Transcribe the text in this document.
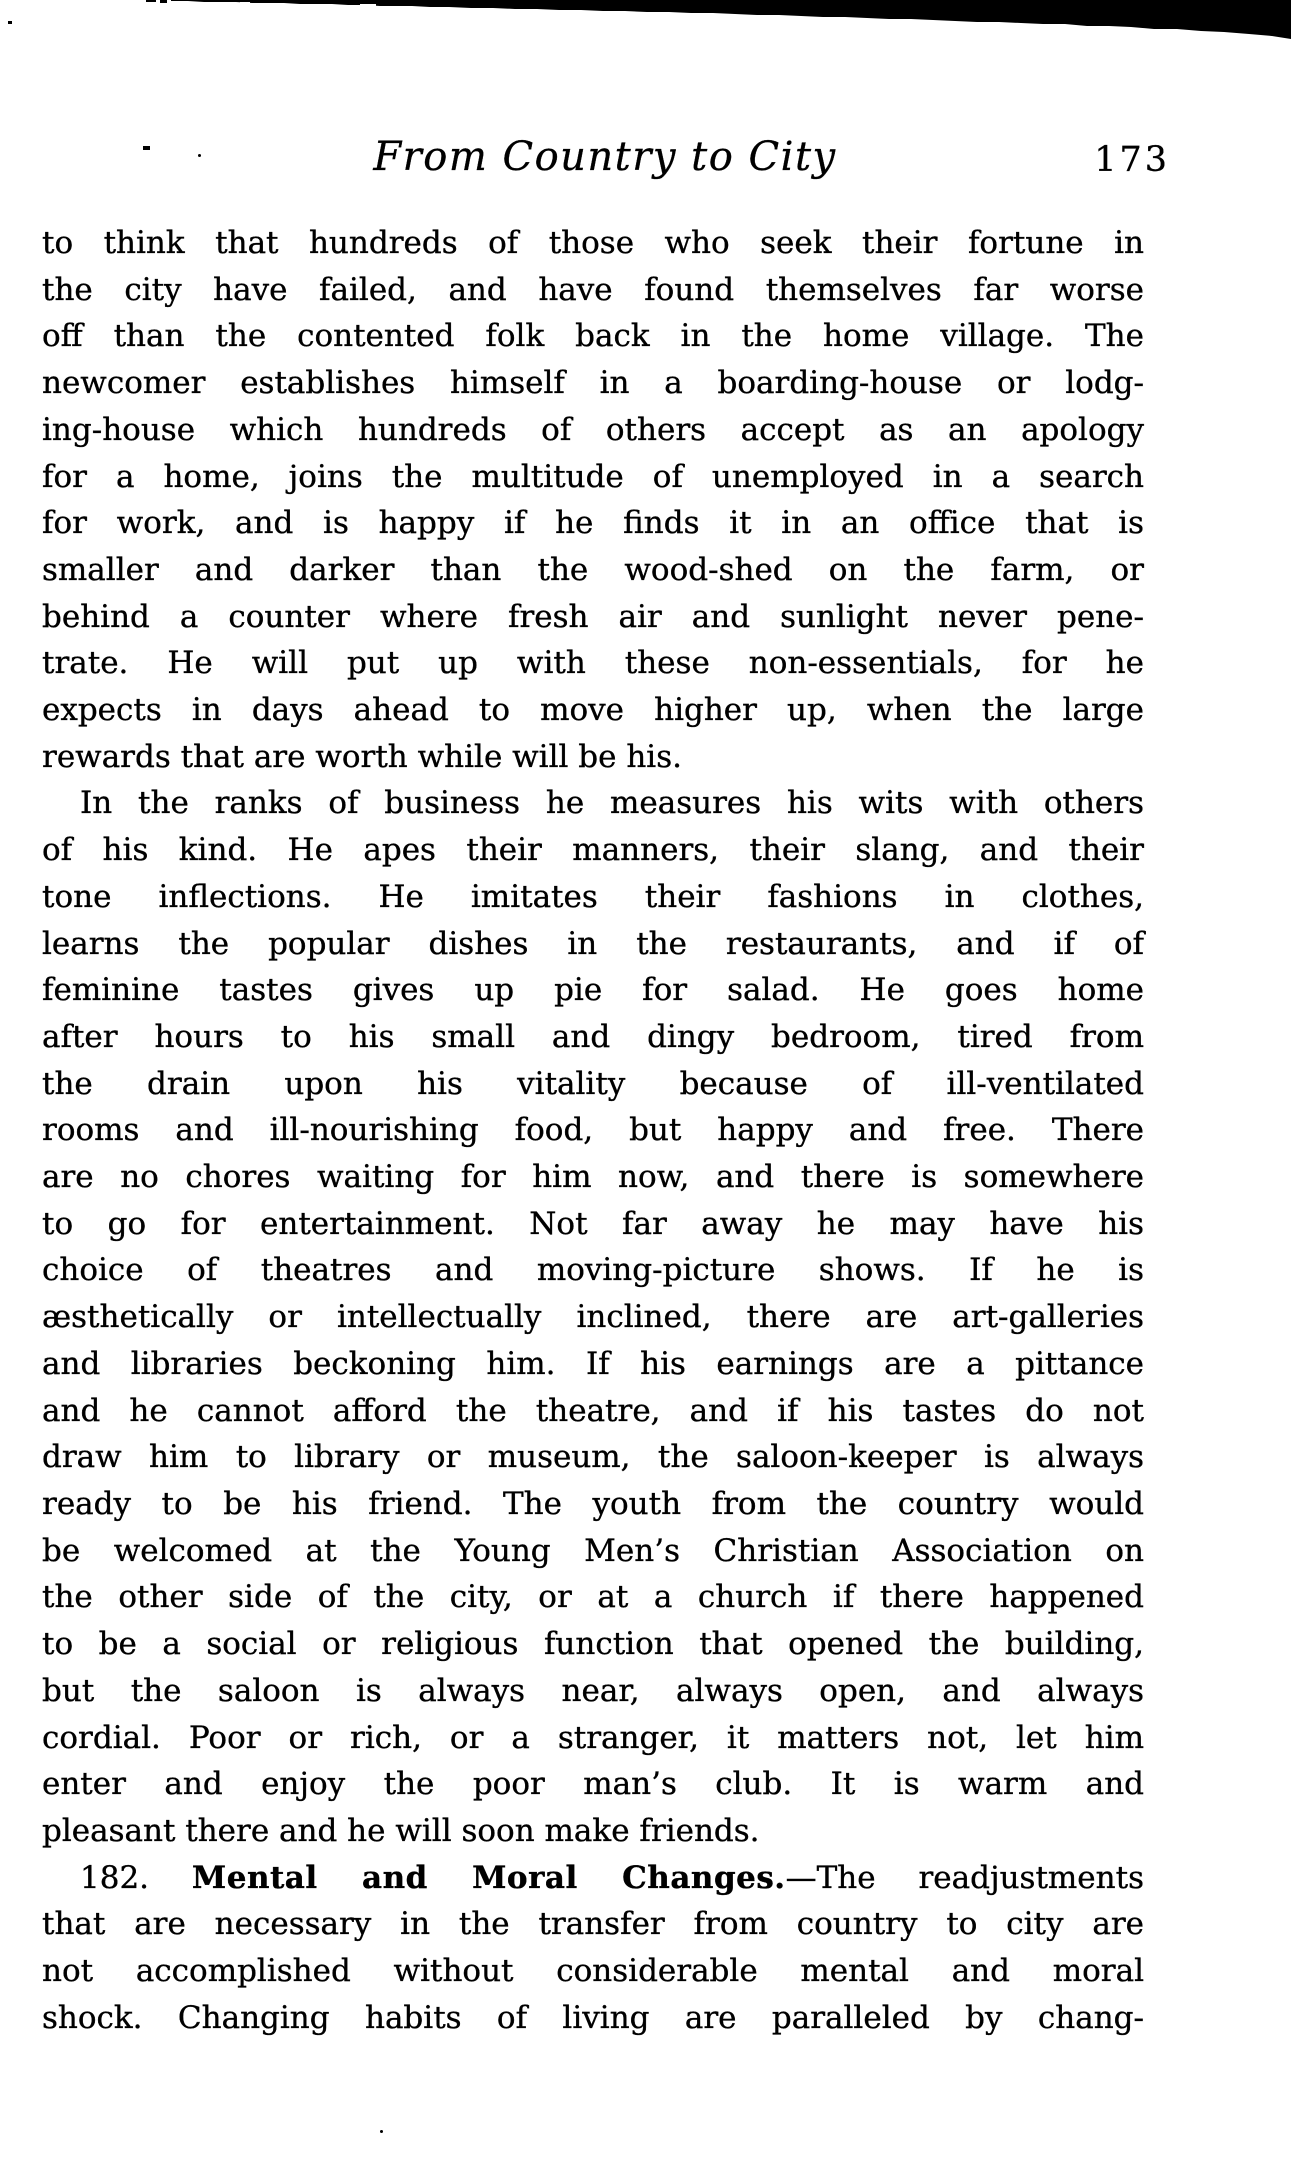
From Country to City	173
to think that hundreds of those who seek their fortune in
the city have failed, and have found themselves far worse
off than the contented folk back in the home village. The
newcomer establishes himself in a boarding-house or lodg-
ing-house which hundreds of others accept as an apology
for a home, joins the multitude of unemployed in a search
for work, and is happy if he finds it in an office that is
smaller and darker than the wood-shed on the farm, or
behind a counter where fresh air and sunlight never pene-
trate. He will put up with these non-essentials, for he
expects in days ahead to move higher up, when the large
rewards that are worth while will be his.
In the ranks of business he measures his wits with others
of his kind. He apes their manners, their slang, and their
tone inflections. He imitates their fashions in clothes,
learns the popular dishes in the restaurants, and if of
feminine tastes gives up pie for salad. He goes home
after hours to his small and dingy bedroom, tired from
the drain upon his vitality because of ill-ventilated
rooms and ill-nourishing food, but happy and free. There
are no chores waiting for him now, and there is somewhere
to go for entertainment. Not far away he may have his
choice of theatres and moving-picture shows. If he is
æsthetically or intellectually inclined, there are art-galleries
and libraries beckoning him. If his earnings are a pittance
and he cannot afford the theatre, and if his tastes do not
draw him to library or museum, the saloon-keeper is always
ready to be his friend. The youth from the country would
be welcomed at the Young Men’s Christian Association on
the other side of the city, or at a church if there happened
to be a social or religious function that opened the building,
but the saloon is always near, always open, and always
cordial. Poor or rich, or a stranger, it matters not, let him
enter and enjoy the poor man’s club. It is warm and
pleasant there and he will soon make friends.
182. Mental and Moral Changes.—The readjustments
that are necessary in the transfer from country to city are
not accomplished without considerable mental and moral
shock. Changing habits of living are paralleled by chang-
